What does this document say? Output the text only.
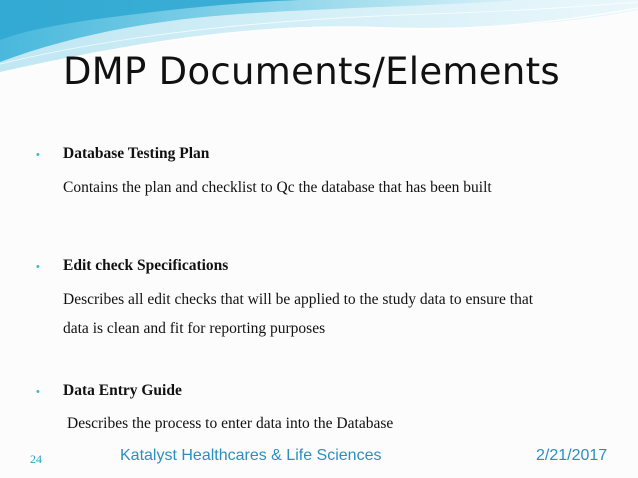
DMP Documents/Elements
• Database Testing Plan
Contains the plan and checklist to Qc the database that has been built
• Edit check Specifications
Describes all edit checks that will be applied to the study data to ensure that
data is clean and fit for reporting purposes
• Data Entry Guide
Describes the process to enter data into the Database
24	Katalyst Healthcares & Life Sciences	2/21/2017
